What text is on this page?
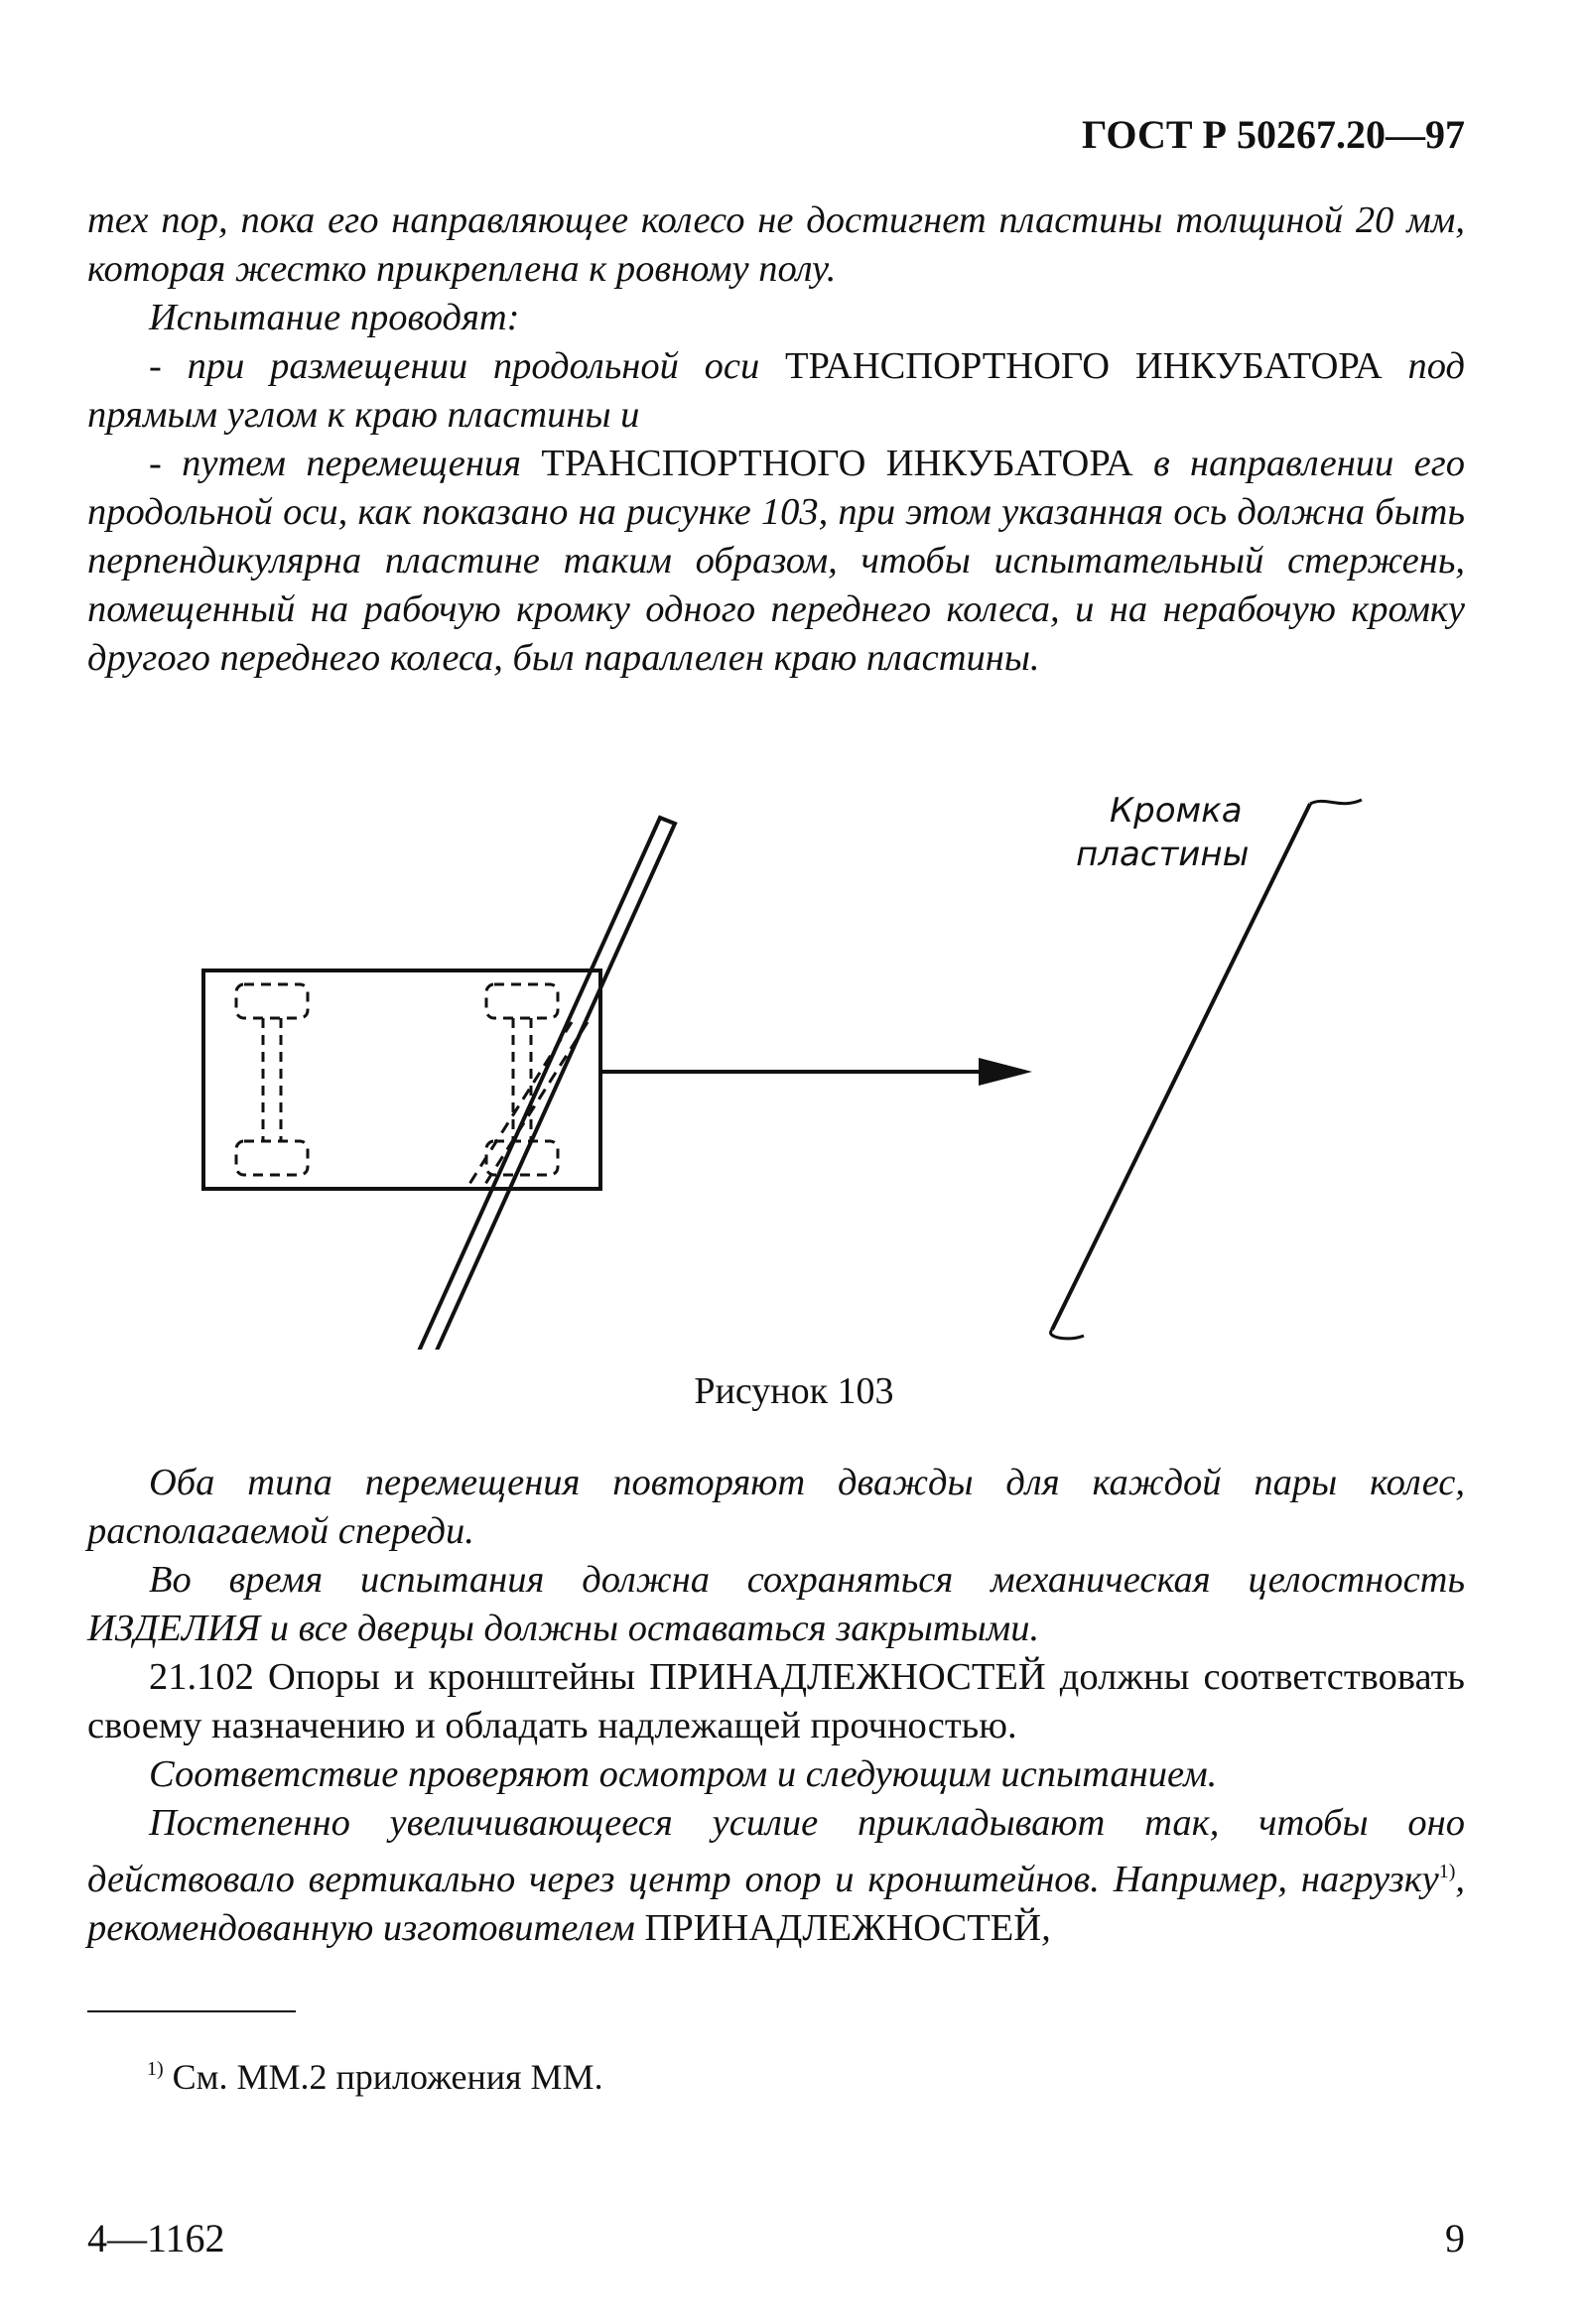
ГОСТ Р 50267.20—97

тех пор, пока его направляющее колесо не достигнет пластины толщиной 20 мм, которая жестко прикреплена к ровному полу.

Испытание проводят:

- при размещении продольной оси ТРАНСПОРТНОГО ИНКУБАТОРА под прямым углом к краю пластины и

- путем перемещения ТРАНСПОРТНОГО ИНКУБАТОРА в направлении его продольной оси, как показано на рисунке 103, при этом указанная ось должна быть перпендикулярна пластине таким образом, чтобы испытательный стержень, помещенный на рабочую кромку одного переднего колеса, и на нерабочую кромку другого переднего колеса, был параллелен краю пластины.

Кромка
пластины
Рисунок 103

Оба типа перемещения повторяют дважды для каждой пары колес, располагаемой спереди.

Во время испытания должна сохраняться механическая целостность ИЗДЕЛИЯ и все дверцы должны оставаться закрытыми.

21.102 Опоры и кронштейны ПРИНАДЛЕЖНОСТЕЙ должны соответствовать своему назначению и обладать надлежащей прочностью.

Соответствие проверяют осмотром и следующим испытанием.

Постепенно увеличивающееся усилие прикладывают так, чтобы оно действовало вертикально через центр опор и кронштейнов. Например, нагрузку$^{1)}$, рекомендованную изготовителем ПРИНАДЛЕЖНОСТЕЙ,

$^{1)}$ См. ММ.2 приложения ММ.
4—1162	9
